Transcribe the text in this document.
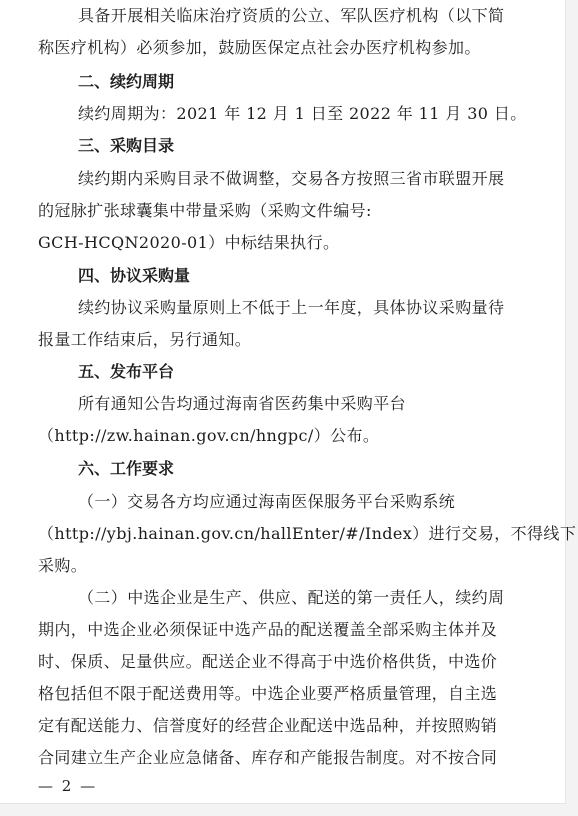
具备开展相关临床治疗资质的公立、军队医疗机构（以下简
称医疗机构）必须参加，鼓励医保定点社会办医疗机构参加。
二、续约周期
续约周期为：2021 年 12 月 1 日至 2022 年 11 月 30 日。
三、采购目录
续约期内采购目录不做调整，交易各方按照三省市联盟开展
的冠脉扩张球囊集中带量采购（采购文件编号:
GCH-HCQN2020-01）中标结果执行。
四、协议采购量
续约协议采购量原则上不低于上一年度，具体协议采购量待
报量工作结束后，另行通知。
五、发布平台
所有通知公告均通过海南省医药集中采购平台
（http://zw.hainan.gov.cn/hngpc/）公布。
六、工作要求
（一）交易各方均应通过海南医保服务平台采购系统
（http://ybj.hainan.gov.cn/hallEnter/#/Index）进行交易，不得线下
采购。
（二）中选企业是生产、供应、配送的第一责任人，续约周
期内，中选企业必须保证中选产品的配送覆盖全部采购主体并及
时、保质、足量供应。配送企业不得高于中选价格供货，中选价
格包括但不限于配送费用等。中选企业要严格质量管理，自主选
定有配送能力、信誉度好的经营企业配送中选品种，并按照购销
合同建立生产企业应急储备、库存和产能报告制度。对不按合同
— 2 —
